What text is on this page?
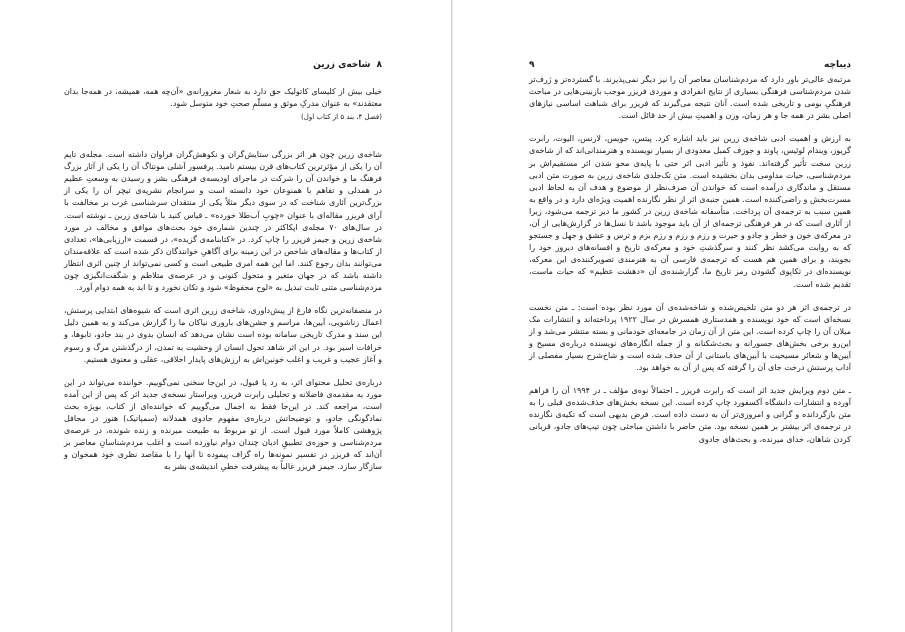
۸
شاخه‌ی زرین

خیلی بیش از کلیسای کاتولیک حق دارد به شعار مغرورانه‌ی «آن‌چه همه، همیشه، در همه‌جا بدان معتقدند» به عنوان مدرکِ موثق و مسلّمِ صحتِ خود متوسل شود.

(فصل ۴، بند ۵ از کتاب اول)

شاخه‌ی زرین چون هر اثر بزرگی ستایش‌گران و نکوهش‌گران فراوان داشته است. مجله‌ی تایم آن را یکی از مؤثرترین کتاب‌های قرن بیستم نامید. پرفسور آشلی مونتاگ آن را یکی از آثار بزرگ فرهنگ ما و خواندن آن را شرکت در ماجرای اودیسه‌ی فرهنگی بشر و رسیدن به وسعتِ عظیم در همدلی و تفاهم با همنوعان خود دانسته است و سرانجام نشریه‌ی تیچر آن را یکی از بزرگ‌ترین آثاری شناخت که در سوی دیگر مثلاً یکی از منتقدان سرشناسی غرب بر مخالفت با آرای فریزر مقاله‌ای با عنوان «چوبِ آب‌طلا خورده» ـ قیاس کنید با شاخه‌ی زرین ـ نوشته است. در سال‌های ۷۰ مجله‌ی اپکاکثر در چندین شماره‌ی خود بحث‌های موافق و مخالف در مورد شاخه‌ی زرین و جیمز فریزر را چاپ کرد. در «کتابنامه‌ی گزیده»، در قسمت «ارزیابی‌ها»، تعدادی از کتاب‌ها و مقاله‌های شاخص در این زمینه برای آگاهیِ خوانندگان ذکر شده است که علاقه‌مندان می‌توانند بدان رجوع کنند. اما این همه امری طبیعی است و کسی نمی‌تواند از چنین اثری انتظار داشته باشد که در جهان متغیر و متحول کنونی و در عرصه‌ی متلاطم و شگفت‌انگیزی چون مردم‌شناسی متنی ثابت تبدیل به «لوح محفوظ» شود و تکان نخورد و تا ابد به همه دوام آورد.

در منصفانه‌ترین نگاه فارغ از پیش‌داوری، شاخه‌ی زرین اثری است که شیوه‌های ابتدایی پرستش، اعمال زناشویی، آیین‌ها، مراسم و جشن‌های باروری نیاکان ما را گزارش می‌کند و به همین دلیل این سند و مدرک تاریخی سامانه بوده است نشان می‌دهد که انسان بدوی در بند جادو، تابوها، و خرافات اسیر بود. در این اثر شاهد تحول انسان از وحشیت به تمدن، از درگذشتن مرگ و رسوم و آغاز عجیب و غریب و اغلب خونین‌اش به ارزش‌های پایدار اخلاقی، عقلی و معنوی هستیم.

درباره‌ی تحلیل محتوای اثر، به رد یا قبول، در این‌جا سخنی نمی‌گوییم. خواننده می‌تواند در این مورد به مقدمه‌ی فاضلانه و تحلیلی رابرت فریزر، ویراستار نسخه‌ی جدید اثر که پس از این آمده است، مراجعه کند. در این‌جا فقط به اجمال می‌گوییم که خواننده‌ای از کتاب، بویژه بحث نمادگونگی جادو، و توضیحاتش درباره‌ی مفهوم جادوی همدلانه (سمپاتیک) هنوز در محافل پژوهشی کاملاً مورد قبول است. از تو مربوط به طبیعت میرنده و زنده شونده، در عرصه‌ی مردم‌شناسی و حوزه‌ی تطبیقِ ادیان چندان دوام نیاورده است و اغلب مردم‌شناسانِ معاصر بر آن‌اند که فریزر در تفسیر نمونه‌ها راه گزاف پیموده تا آنها را با مقاصد نظری خود همخوان و سازگار سازد. جیمز فریزر غالباً به پیشرفت خطیِ اندیشه‌ی بشر به

دیباچه
۹

مرتبه‌ی عالی‌تر باور دارد که مردم‌شناسان معاصر آن را نیز دیگر نمی‌پذیرند. با گسترده‌تر و ژرف‌تر شدن مردم‌شناسی فرهنگی بسیاری از نتایج انفرادی و موردی فریزر موجب بازبینی‌هایی در مباحث فرهنگیِ بومی و تاریخی شده است. آنان نتیجه می‌گیرند که فریزر برای شباهت اساسی نیازهای اصلی بشر در همه جا و هر زمان، وزن و اهمیتِ بیش از حد قائل است.

به ارزش و اهمیت ادبی شاخه‌ی زرین نیز باید اشاره کرد. پیتس، جویس، لارنس، الیوت، رابرت گریوز، ویندام لوئیس، پاوند و جوزف کمبل معدودی از بسیار نویسنده و هنرمندانی‌اند که از شاخه‌ی زرین سخت تأثیر گرفته‌اند. نفوذ و تأثیر ادبی اثر حتی با پایه‌ی محو شدن اثر مستقیم‌اش بر مردم‌شناسی، حیات مداومی بدان بخشیده است. متن تک‌جلدی شاخه‌ی زرین به صورت متن ادبی مستقل و ماندگاری درآمده است که خواندن آن صرف‌نظر از موضوع و هدف آن به لحاظ ادبی مسرت‌بخش و راضی‌کننده است. همین جنبه‌ی اثر از نظر نگارنده اهمیت ویژه‌ای دارد و در واقع به همین سبب به ترجمه‌ی آن پرداخت. متأسفانه شاخه‌ی زرین در کشور ما دیر ترجمه می‌شود، زیرا از آثاری است که در هر فرهنگی ترجمه‌ای از آن باید موجود باشد تا نسل‌ها در گزارش‌هایی از آن، در معرکه‌ی خون و خطر و جادو و حیرت و رزم و رزم و رزم بزم و ترس و عشق و جهل و جستجو که به روایت می‌کشد نظر کنند و سرگذشتِ خود و معرکه‌ی تاریخ و افسانه‌های دیروز خود را بجویند، و برای همین هم هست که ترجمه‌ی فارسی آن به هنرمندی تصویرکننده‌ی این معرکه، نویسنده‌ای در تکاپوی گشودن رمز تاریخ ما، گزارشنده‌ی آن «دهشت عظیم» که حیات ماست، تقدیم شده است.

در ترجمه‌ی اثر هر دو متن تلخیص‌شده و شاخه‌شده‌ی آن مورد نظر بوده است: ـ متن نخست نسخه‌ای است که خود نویسنده و همدستاری همسرش در سال ۱۹۲۲ پرداخته‌اند و انتشارات مک میلان آن را چاپ کرده است. این متن از آن زمان در جامعه‌ای خودمانی و بسته منتشر می‌شد و از این‌رو برخی بخش‌های جسورانه و بحث‌شکنانه و از جمله انگاره‌های نویسنده درباره‌ی مسیح و آیین‌ها و شعائر مسیحیت با آیین‌های باستانی از آن حذف شده است و شاخ‌شرح بسیار مفصلی از آداب پرستش درخت جای آن را گرفته که پس از آن به خواهد بود.

ـ متن دوم ویرایش جدید اثر است که رابرت فریزر ـ احتمالاً نوه‌ی مؤلف ـ در ۱۹۹۴ آن را فراهم آورده و انتشارات دانشگاه آکسفورد چاپ کرده است. این نسخه بخش‌های حذف‌شده‌ی قبلی را به متن بازگردانده و گرانی و امروزی‌تر آن به دست داده است. فرض بدیهی است که تکیه‌ی نگارنده در ترجمه‌ی اثر بیشتر بر همین نسخه بود. متن حاضر با داشتن مباحثی چون تیپ‌های جادو، قربانی کردن شاهان، خدای میرنده، و بحث‌های جادوی
